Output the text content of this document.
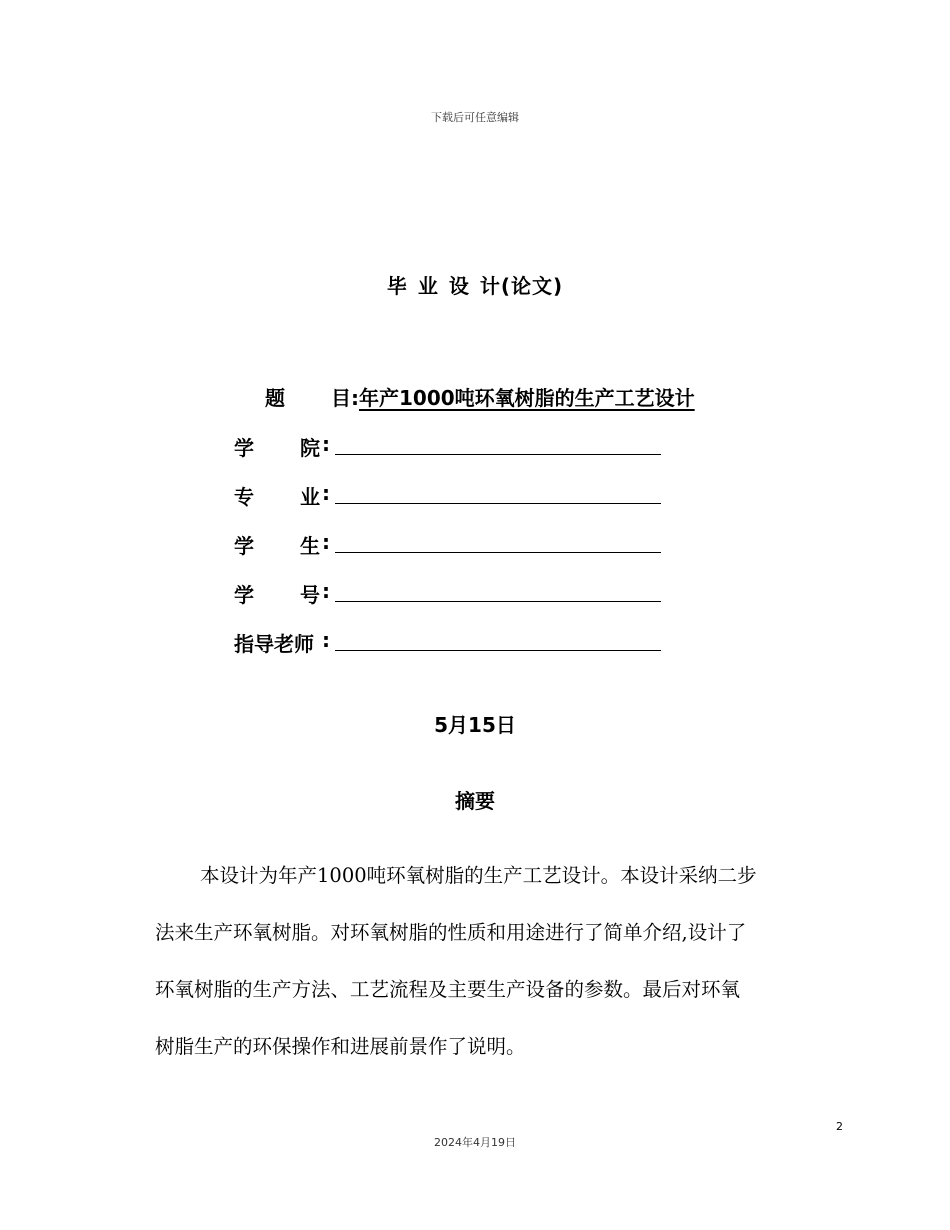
下载后可任意编辑
毕 业 设 计(论文)
题 目:年产1000吨环氧树脂的生产工艺设计
学 院 :
专 业 :
学 生 :
学 号 :
指导老师 :
5月15日
摘要
本设计为年产1000吨环氧树脂的生产工艺设计。本设计采纳二步
法来生产环氧树脂。对环氧树脂的性质和用途进行了简单介绍,设计了
环氧树脂的生产方法、工艺流程及主要生产设备的参数。最后对环氧
树脂生产的环保操作和进展前景作了说明。
2
2024年4月19日
